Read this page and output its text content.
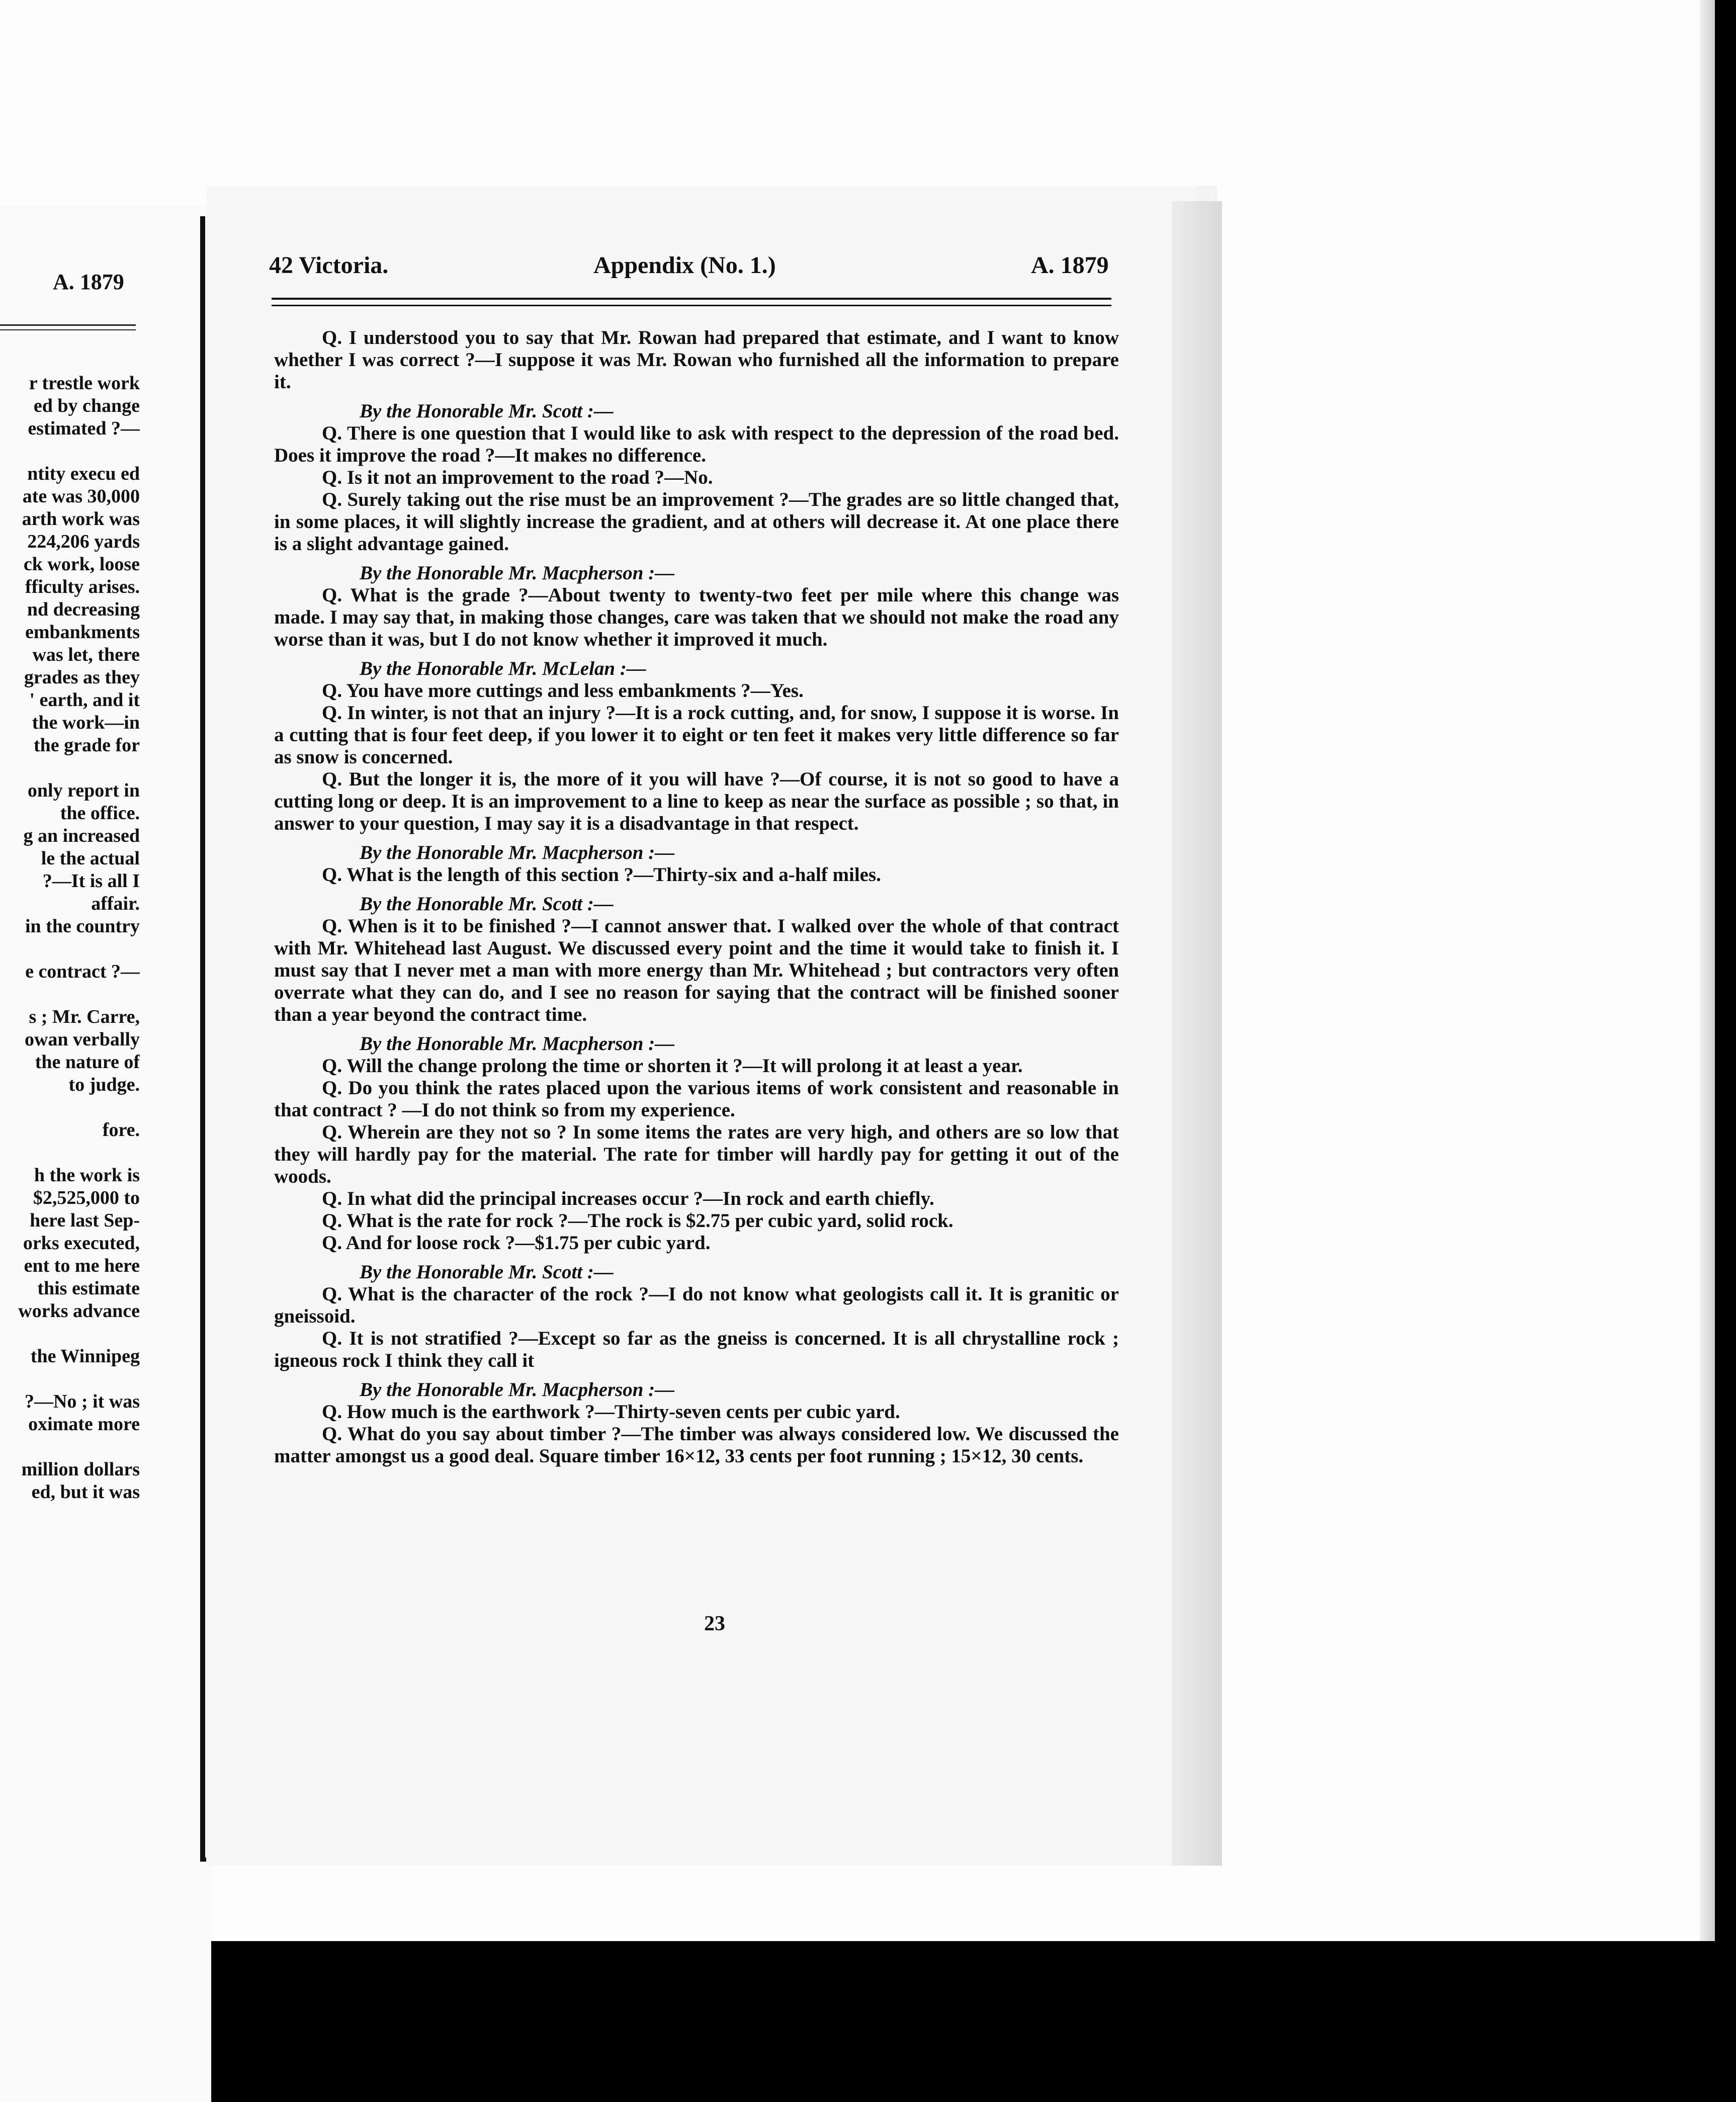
A. 1879
r trestle work
ed by change
estimated ?—
ntity execu ed
ate was 30,000
arth work was
224,206 yards
ck work, loose
fficulty arises.
nd decreasing
embankments
was let, there
grades as they
' earth, and it
the work—in
the grade for
only report in
the office.
g an increased
le the actual
?—It is all I
affair.
in the country
e contract ?—
s ; Mr. Carre,
owan verbally
the nature of
to judge.
fore.
h the work is
$2,525,000 to
here last Sep-
orks executed,
ent to me here
this estimate
works advance
the Winnipeg
?—No ; it was
oximate more
million dollars
ed, but it was
42 Victoria.	Appendix (No. 1.)	A. 1879

Q. I understood you to say that Mr. Rowan had prepared that estimate, and I want to know whether I was correct ?—I suppose it was Mr. Rowan who furnished all the information to prepare it.

By the Honorable Mr. Scott :—

Q. There is one question that I would like to ask with respect to the depression of the road bed. Does it improve the road ?—It makes no difference.

Q. Is it not an improvement to the road ?—No.

Q. Surely taking out the rise must be an improvement ?—The grades are so little changed that, in some places, it will slightly increase the gradient, and at others will decrease it. At one place there is a slight advantage gained.

By the Honorable Mr. Macpherson :—

Q. What is the grade ?—About twenty to twenty-two feet per mile where this change was made. I may say that, in making those changes, care was taken that we should not make the road any worse than it was, but I do not know whether it improved it much.

By the Honorable Mr. McLelan :—

Q. You have more cuttings and less embankments ?—Yes.

Q. In winter, is not that an injury ?—It is a rock cutting, and, for snow, I suppose it is worse. In a cutting that is four feet deep, if you lower it to eight or ten feet it makes very little difference so far as snow is concerned.

Q. But the longer it is, the more of it you will have ?—Of course, it is not so good to have a cutting long or deep. It is an improvement to a line to keep as near the surface as possible ; so that, in answer to your question, I may say it is a disadvantage in that respect.

By the Honorable Mr. Macpherson :—

Q. What is the length of this section ?—Thirty-six and a-half miles.

By the Honorable Mr. Scott :—

Q. When is it to be finished ?—I cannot answer that. I walked over the whole of that contract with Mr. Whitehead last August. We discussed every point and the time it would take to finish it. I must say that I never met a man with more energy than Mr. Whitehead ; but contractors very often overrate what they can do, and I see no reason for saying that the contract will be finished sooner than a year beyond the contract time.

By the Honorable Mr. Macpherson :—

Q. Will the change prolong the time or shorten it ?—It will prolong it at least a year.

Q. Do you think the rates placed upon the various items of work consistent and reasonable in that contract ? —I do not think so from my experience.

Q. Wherein are they not so ? In some items the rates are very high, and others are so low that they will hardly pay for the material. The rate for timber will hardly pay for getting it out of the woods.

Q. In what did the principal increases occur ?—In rock and earth chiefly.

Q. What is the rate for rock ?—The rock is $2.75 per cubic yard, solid rock.

Q. And for loose rock ?—$1.75 per cubic yard.

By the Honorable Mr. Scott :—

Q. What is the character of the rock ?—I do not know what geologists call it. It is granitic or gneissoid.

Q. It is not stratified ?—Except so far as the gneiss is concerned. It is all chrystalline rock ; igneous rock I think they call it

By the Honorable Mr. Macpherson :—

Q. How much is the earthwork ?—Thirty-seven cents per cubic yard.

Q. What do you say about timber ?—The timber was always considered low. We discussed the matter amongst us a good deal. Square timber 16×12, 33 cents per foot running ; 15×12, 30 cents.

23
